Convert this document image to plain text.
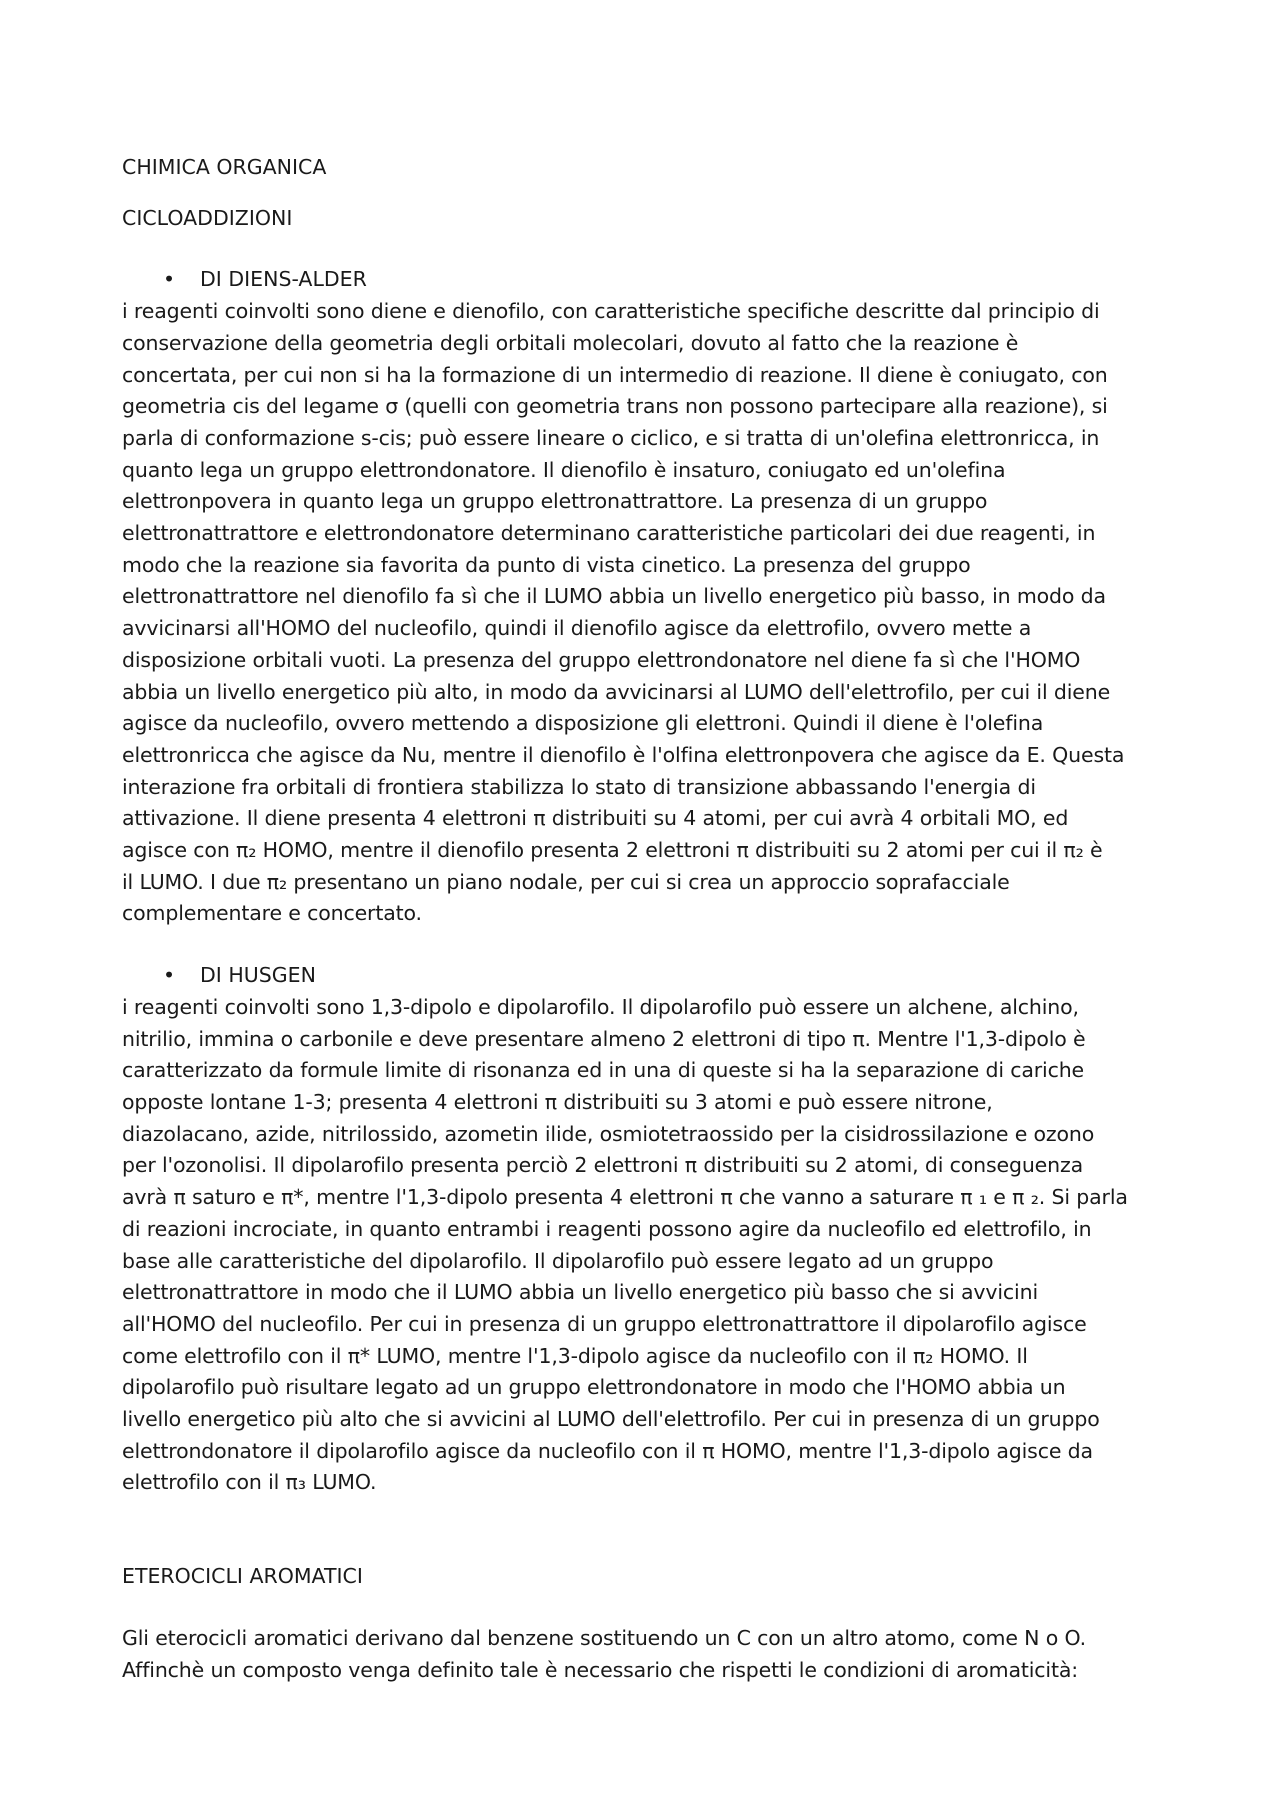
CHIMICA ORGANICA
CICLOADDIZIONI
• DI DIENS-ALDER
i reagenti coinvolti sono diene e dienofilo, con caratteristiche specifiche descritte dal principio di
conservazione della geometria degli orbitali molecolari, dovuto al fatto che la reazione è
concertata, per cui non si ha la formazione di un intermedio di reazione. Il diene è coniugato, con
geometria cis del legame σ (quelli con geometria trans non possono partecipare alla reazione), si
parla di conformazione s-cis; può essere lineare o ciclico, e si tratta di un'olefina elettronricca, in
quanto lega un gruppo elettrondonatore. Il dienofilo è insaturo, coniugato ed un'olefina
elettronpovera in quanto lega un gruppo elettronattrattore. La presenza di un gruppo
elettronattrattore e elettrondonatore determinano caratteristiche particolari dei due reagenti, in
modo che la reazione sia favorita da punto di vista cinetico. La presenza del gruppo
elettronattrattore nel dienofilo fa sì che il LUMO abbia un livello energetico più basso, in modo da
avvicinarsi all'HOMO del nucleofilo, quindi il dienofilo agisce da elettrofilo, ovvero mette a
disposizione orbitali vuoti. La presenza del gruppo elettrondonatore nel diene fa sì che l'HOMO
abbia un livello energetico più alto, in modo da avvicinarsi al LUMO dell'elettrofilo, per cui il diene
agisce da nucleofilo, ovvero mettendo a disposizione gli elettroni. Quindi il diene è l'olefina
elettronricca che agisce da Nu, mentre il dienofilo è l'olfina elettronpovera che agisce da E. Questa
interazione fra orbitali di frontiera stabilizza lo stato di transizione abbassando l'energia di
attivazione. Il diene presenta 4 elettroni π distribuiti su 4 atomi, per cui avrà 4 orbitali MO, ed
agisce con π₂ HOMO, mentre il dienofilo presenta 2 elettroni π distribuiti su 2 atomi per cui il π₂ è
il LUMO. I due π₂ presentano un piano nodale, per cui si crea un approccio soprafacciale
complementare e concertato.
• DI HUSGEN
i reagenti coinvolti sono 1,3-dipolo e dipolarofilo. Il dipolarofilo può essere un alchene, alchino,
nitrilio, immina o carbonile e deve presentare almeno 2 elettroni di tipo π. Mentre l'1,3-dipolo è
caratterizzato da formule limite di risonanza ed in una di queste si ha la separazione di cariche
opposte lontane 1-3; presenta 4 elettroni π distribuiti su 3 atomi e può essere nitrone,
diazolacano, azide, nitrilossido, azometin ilide, osmiotetraossido per la cisidrossilazione e ozono
per l'ozonolisi. Il dipolarofilo presenta perciò 2 elettroni π distribuiti su 2 atomi, di conseguenza
avrà π saturo e π*, mentre l'1,3-dipolo presenta 4 elettroni π che vanno a saturare π ₁ e π ₂. Si parla
di reazioni incrociate, in quanto entrambi i reagenti possono agire da nucleofilo ed elettrofilo, in
base alle caratteristiche del dipolarofilo. Il dipolarofilo può essere legato ad un gruppo
elettronattrattore in modo che il LUMO abbia un livello energetico più basso che si avvicini
all'HOMO del nucleofilo. Per cui in presenza di un gruppo elettronattrattore il dipolarofilo agisce
come elettrofilo con il π* LUMO, mentre l'1,3-dipolo agisce da nucleofilo con il π₂ HOMO. Il
dipolarofilo può risultare legato ad un gruppo elettrondonatore in modo che l'HOMO abbia un
livello energetico più alto che si avvicini al LUMO dell'elettrofilo. Per cui in presenza di un gruppo
elettrondonatore il dipolarofilo agisce da nucleofilo con il π HOMO, mentre l'1,3-dipolo agisce da
elettrofilo con il π₃ LUMO.
ETEROCICLI AROMATICI
Gli eterocicli aromatici derivano dal benzene sostituendo un C con un altro atomo, come N o O.
Affinchè un composto venga definito tale è necessario che rispetti le condizioni di aromaticità:
